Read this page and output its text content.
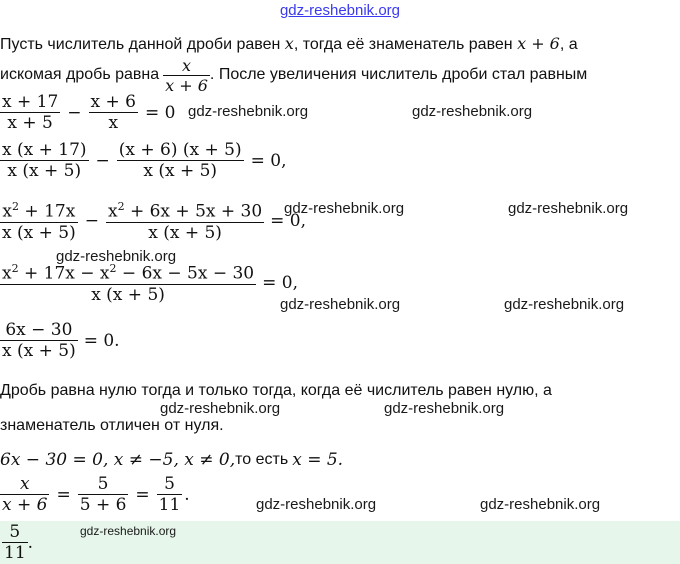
gdz-reshebnik.org
Пусть числитель данной дроби равен x, тогда её знаменатель равен x + 6, а
искомая дробь равна $\frac{x}{x + 6}$ . После увеличения числитель дроби стал равным
$\frac{x + 17}{x + 5} - \frac{x + 6}{x} = 0$
$\frac{x (x + 17)}{x (x + 5)} - \frac{(x + 6) (x + 5)}{x (x + 5)} = 0$,
$\frac{x^2 + 17x}{x (x + 5)} - \frac{x^2 + 6x + 5x + 30}{x (x + 5)} = 0$,
$\frac{x^2 + 17x - x^2 - 6x - 5x - 30}{x (x + 5)} = 0$,
$\frac{6x - 30}{x (x + 5)} = 0$.
Дробь равна нулю тогда и только тогда, когда её числитель равен нулю, а
знаменатель отличен от нуля.
6x − 30 = 0, x ≠ −5, x ≠ 0, то есть x = 5.
$\frac{x}{x + 6} = \frac{5}{5 + 6} = \frac{5}{11}$ .
$\frac{5}{11}$ .
gdz-reshebnik.org	gdz-reshebnik.org
gdz-reshebnik.org	gdz-reshebnik.org
gdz-reshebnik.org
gdz-reshebnik.org	gdz-reshebnik.org
gdz-reshebnik.org	gdz-reshebnik.org
gdz-reshebnik.org	gdz-reshebnik.org
gdz-reshebnik.org
